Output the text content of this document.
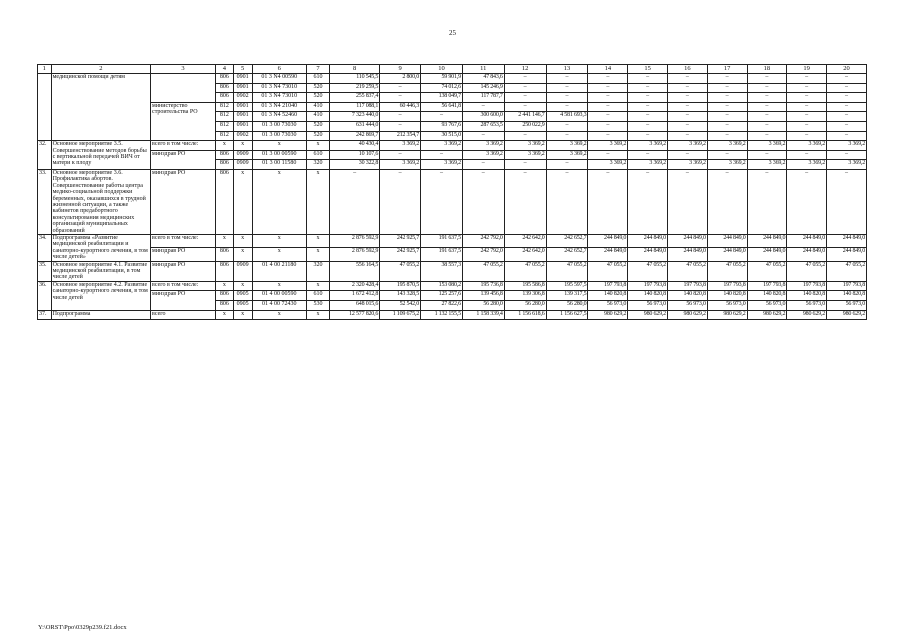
25
1	2	3	4	5	6	7	8	9	10	11	12	13	14	15	16	17	18	19	20
	медицинской помощи детям		806	0901	01 3 N4 00590	610	110 545,5	2 800,0	59 901,9	47 843,6	–	–	–	–	–	–	–	–	–
			806	0901	01 3 N4 73010	520	219 259,5	–	74 012,6	145 246,9	–	–	–	–	–	–	–	–	–
			806	0902	01 3 N4 73010	520	255 837,4	–	138 049,7	117 787,7	–	–	–	–	–	–	–	–	–
		министерство строительства РО	812	0901	01 3 N4 21040	410	117 088,1	60 446,3	56 641,8	–	–	–	–	–	–	–	–	–	–
			812	0901	01 3 N4 52460	410	7 323 440,0	–	–	300 600,0	2 441 146,7	4 581 693,3	–	–	–	–	–	–	–
			812	0901	01 3 00 73030	520	631 444,0	–	93 767,6	287 653,5	250 022,9	–	–	–	–	–	–	–	–
			812	0902	01 3 00 73030	520	242 869,7	212 354,7	30 515,0	–	–	–	–	–	–	–	–	–	–
32.	Основное мероприятие 3.5. Совершенствование методов борьбы с вертикальной передачей ВИЧ от матери к плоду	всего в том числе:	x	x	x	x	40 430,4	3 369,2	3 369,2	3 369,2	3 369,2	3 369,2	3 369,2	3 369,2	3 369,2	3 369,2	3 369,2	3 369,2	3 369,2
		минздрав РО	806	0909	01 3 00 00590	610	10 107,6	–	–	3 369,2	3 369,2	3 369,2	–	–	–	–	–	–	–
			806	0909	01 3 00 11580	320	30 322,8	3 369,2	3 369,2	–	–	–	3 369,2	3 369,2	3 369,2	3 369,2	3 369,2	3 369,2	3 369,2
33.	Основное мероприятие 3.6. Профилактика абортов. Совершенствование работы центра медико-социальной поддержки беременных, оказавшихся в трудной жизненной ситуации, а также кабинетов предабортного консультирования медицинских организаций муниципальных образований	минздрав РО	806	x	x	x	–	–	–	–	–	–	–	–	–	–	–	–	–
34.	Подпрограмма «Развитие медицинской реабилитации и санаторно-курортного лечения, в том числе детей»	всего в том числе:	x	x	x	x	2 876 592,9	242 925,7	191 637,5	242 792,0	242 642,0	242 652,7	244 849,0	244 849,0	244 849,0	244 849,0	244 849,0	244 849,0	244 849,0
		минздрав РО	806	x	x	x	2 876 592,9	242 925,7	191 637,5	242 792,0	242 642,0	242 652,7	244 849,0	244 849,0	244 849,0	244 849,0	244 849,0	244 849,0	244 849,0
35.	Основное мероприятие 4.1. Развитие медицинской реабилитации, в том числе детей	минздрав РО	806	0909	01 4 00 21180	320	556 164,5	47 055,2	38 557,3	47 055,2	47 055,2	47 055,2	47 055,2	47 055,2	47 055,2	47 055,2	47 055,2	47 055,2	47 055,2
36.	Основное мероприятие 4.2. Развитие санаторно-курортного лечения, в том числе детей	всего в том числе:	x	x	x	x	2 320 428,4	195 870,5	153 080,2	195 736,8	195 586,8	195 597,5	197 793,8	197 793,8	197 793,8	197 793,8	197 793,8	197 793,8	197 793,8
		минздрав РО	806	0905	01 4 00 00590	610	1 672 412,8	143 328,5	125 257,6	139 456,8	139 306,8	139 317,5	140 820,8	140 820,8	140 820,8	140 820,8	140 820,8	140 820,8	140 820,8
			806	0905	01 4 00 72430	530	648 015,6	52 542,0	27 822,6	56 280,0	56 280,0	56 280,0	56 973,0	56 973,0	56 973,0	56 973,0	56 973,0	56 973,0	56 973,0
37.	Подпрограмма	всего	x	x	x	x	12 577 820,6	1 109 675,2	1 132 155,5	1 158 339,4	1 156 618,6	1 156 627,5	980 629,2	980 629,2	980 629,2	980 629,2	980 629,2	980 629,2	980 629,2
Y:\ORST\Ppo\0329p239.f21.docx
